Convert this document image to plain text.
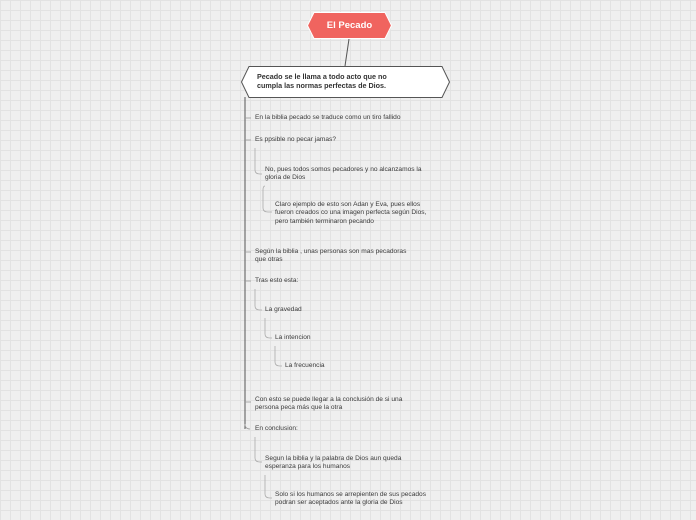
El Pecado
Pecado se le llama a todo acto que no
cumpla las normas perfectas de Dios.
En la biblia pecado se traduce como un tiro fallido
Es ppsible no pecar jamas?
No, pues todos somos pecadores y no alcanzamos la
gloria de Dios
Claro ejemplo de esto son Adan y Eva, pues ellos
fueron creados co una imagen perfecta según Dios,
pero también terminaron pecando
Según la biblia , unas personas son mas pecadoras
que otras
Tras esto esta:
La gravedad
La intencion
La frecuencia
Con esto se puede llegar a la conclusión de si una
persona peca más que la otra
En conclusion:
Segun la biblia y la palabra de Dios aun queda
esperanza para los humanos
Solo si los humanos se arrepienten de sus pecados
podran ser aceptados ante la gloria de Dios
